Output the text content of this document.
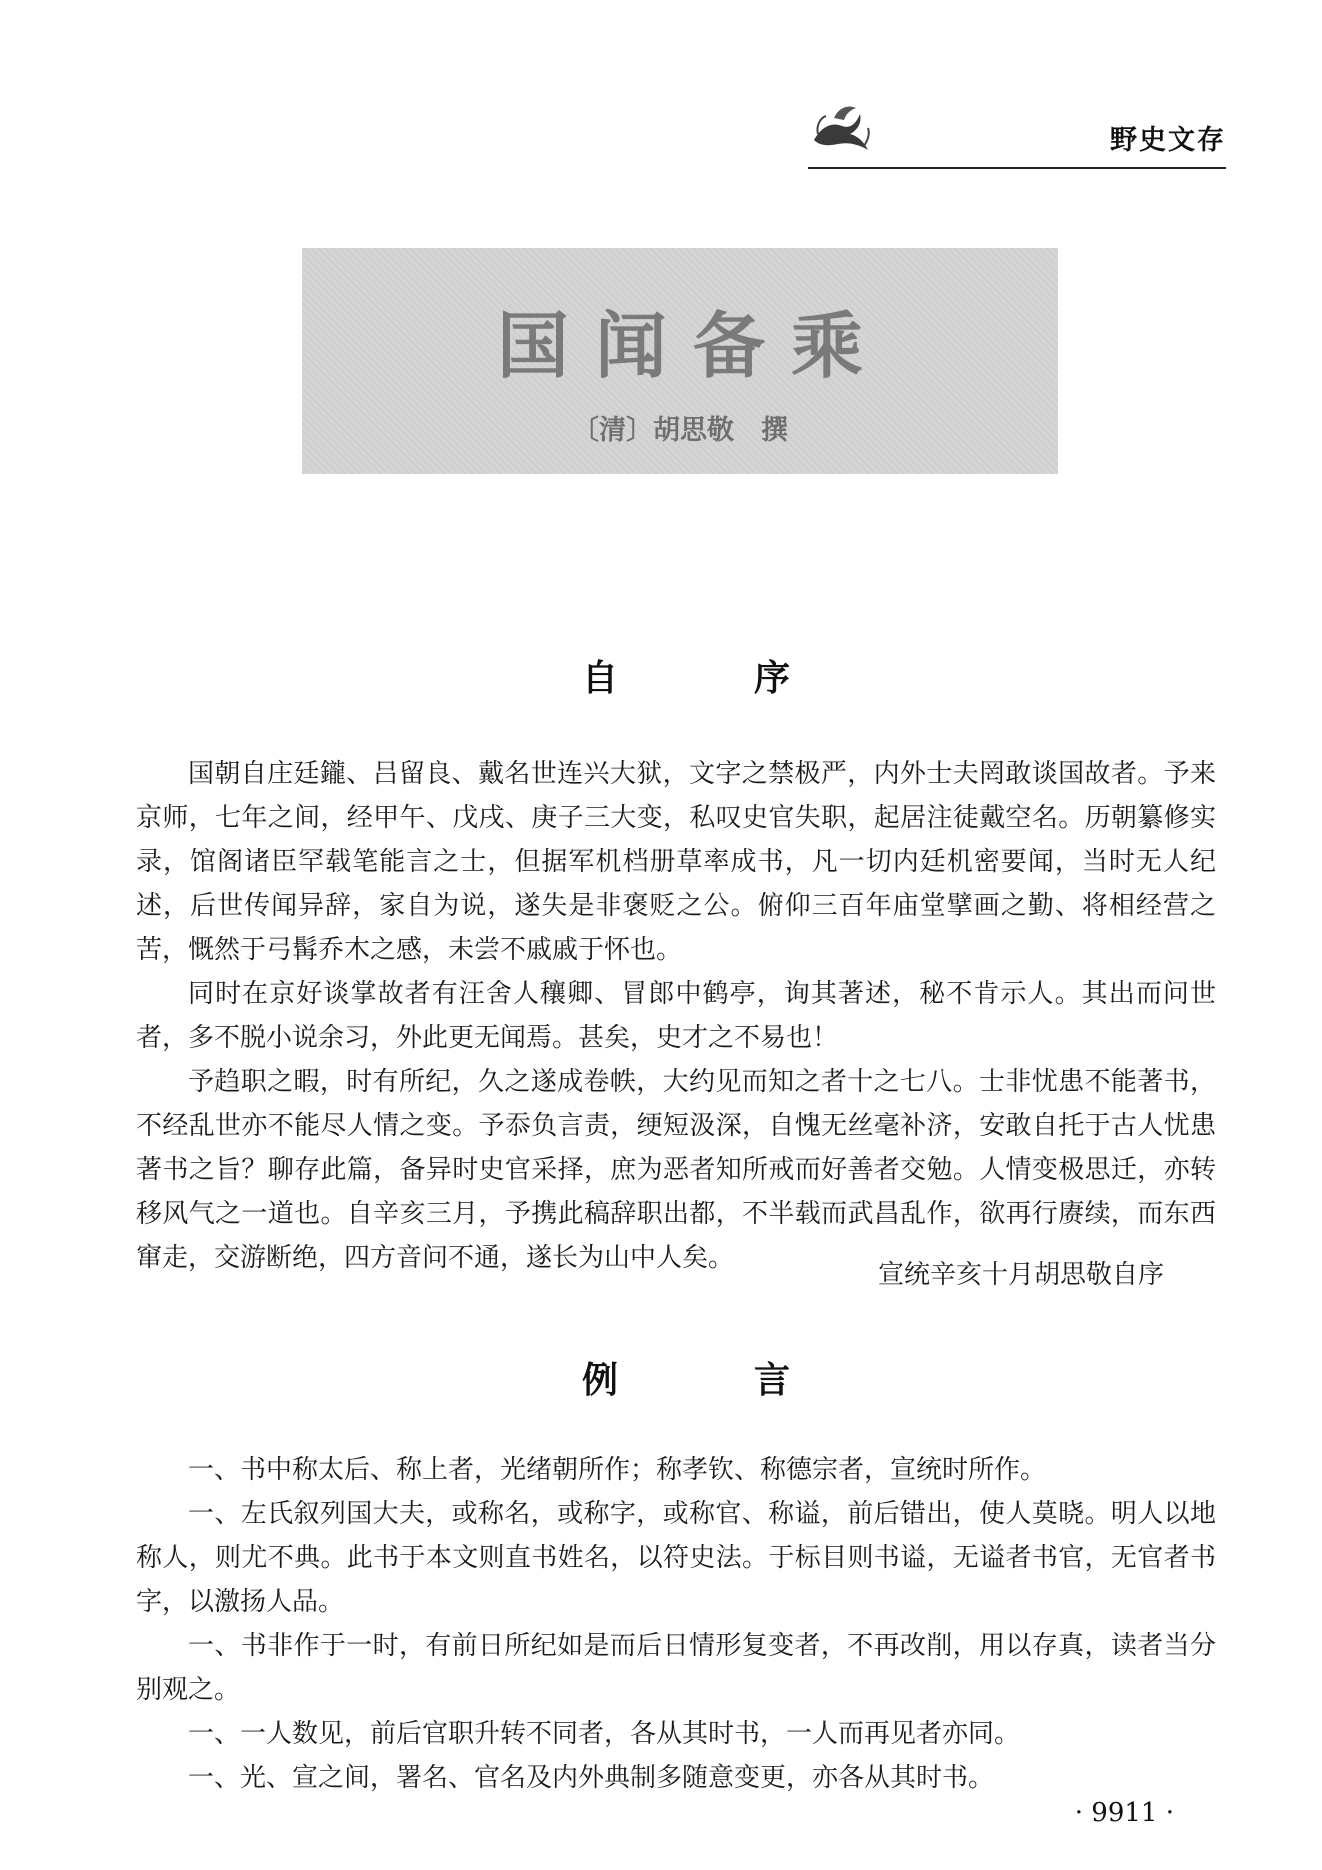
野史文存
国闻备乘
〔清〕胡思敬　撰
自　序

国朝自庄廷鑨、吕留良、戴名世连兴大狱，文字之禁极严，内外士夫罔敢谈国故者。予来京师，七年之间，经甲午、戊戌、庚子三大变，私叹史官失职，起居注徒戴空名。历朝纂修实录，馆阁诸臣罕载笔能言之士，但据军机档册草率成书，凡一切内廷机密要闻，当时无人纪述，后世传闻异辞，家自为说，遂失是非褒贬之公。俯仰三百年庙堂擘画之勤、将相经营之苦，慨然于弓髯乔木之感，未尝不戚戚于怀也。

同时在京好谈掌故者有汪舍人穰卿、冒郎中鹤亭，询其著述，秘不肯示人。其出而问世者，多不脱小说余习，外此更无闻焉。甚矣，史才之不易也！

予趋职之暇，时有所纪，久之遂成卷帙，大约见而知之者十之七八。士非忧患不能著书，不经乱世亦不能尽人情之变。予忝负言责，绠短汲深，自愧无丝毫补济，安敢自托于古人忧患著书之旨？聊存此篇，备异时史官采择，庶为恶者知所戒而好善者交勉。人情变极思迁，亦转移风气之一道也。自辛亥三月，予携此稿辞职出都，不半载而武昌乱作，欲再行赓续，而东西窜走，交游断绝，四方音问不通，遂长为山中人矣。

宣统辛亥十月胡思敬自序
例　言

一、书中称太后、称上者，光绪朝所作；称孝钦、称德宗者，宣统时所作。

一、左氏叙列国大夫，或称名，或称字，或称官、称谥，前后错出，使人莫晓。明人以地称人，则尤不典。此书于本文则直书姓名，以符史法。于标目则书谥，无谥者书官，无官者书字，以激扬人品。

一、书非作于一时，有前日所纪如是而后日情形复变者，不再改削，用以存真，读者当分别观之。

一、一人数见，前后官职升转不同者，各从其时书，一人而再见者亦同。

一、光、宣之间，署名、官名及内外典制多随意变更，亦各从其时书。

· 9911 ·
